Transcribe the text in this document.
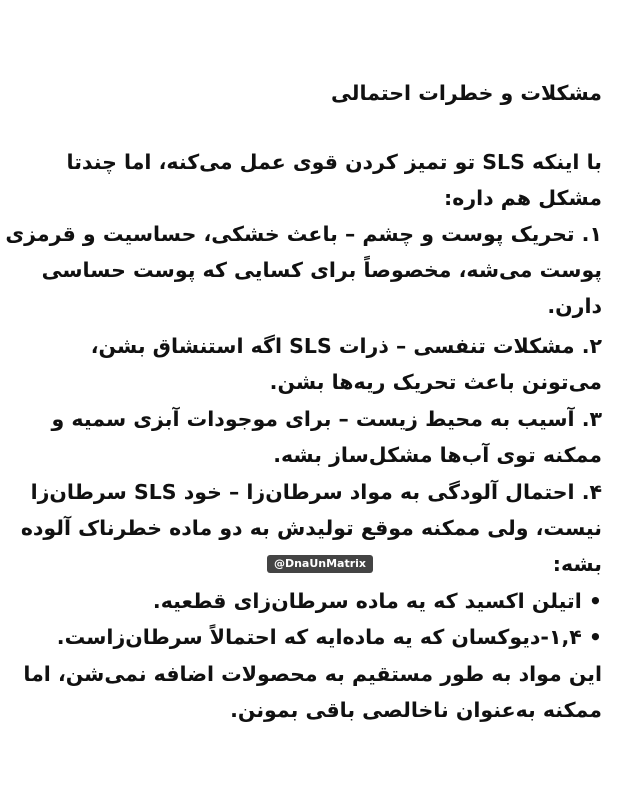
مشکلات و خطرات احتمالی
با اینکه SLS تو تمیز کردن قوی عمل می‌کنه، اما چندتا
مشکل هم داره:
۱. تحریک پوست و چشم – باعث خشکی، حساسیت و قرمزی
پوست می‌شه، مخصوصاً برای کسایی که پوست حساسی
دارن.
۲. مشکلات تنفسی – ذرات SLS اگه استنشاق بشن،
می‌تونن باعث تحریک ریه‌ها بشن.
۳. آسیب به محیط زیست – برای موجودات آبزی سمیه و
ممکنه توی آب‌ها مشکل‌ساز بشه.
۴. احتمال آلودگی به مواد سرطان‌زا – خود SLS سرطان‌زا
نیست، ولی ممکنه موقع تولیدش به دو ماده خطرناک آلوده
بشه:
• اتیلن اکسید که یه ماده سرطان‌زای قطعیه.
• ۱,۴-دیوکسان که یه ماده‌ایه که احتمالاً سرطان‌زاست.
این مواد به طور مستقیم به محصولات اضافه نمی‌شن، اما
ممکنه به‌عنوان ناخالصی باقی بمونن.
@DnaUnMatrix
